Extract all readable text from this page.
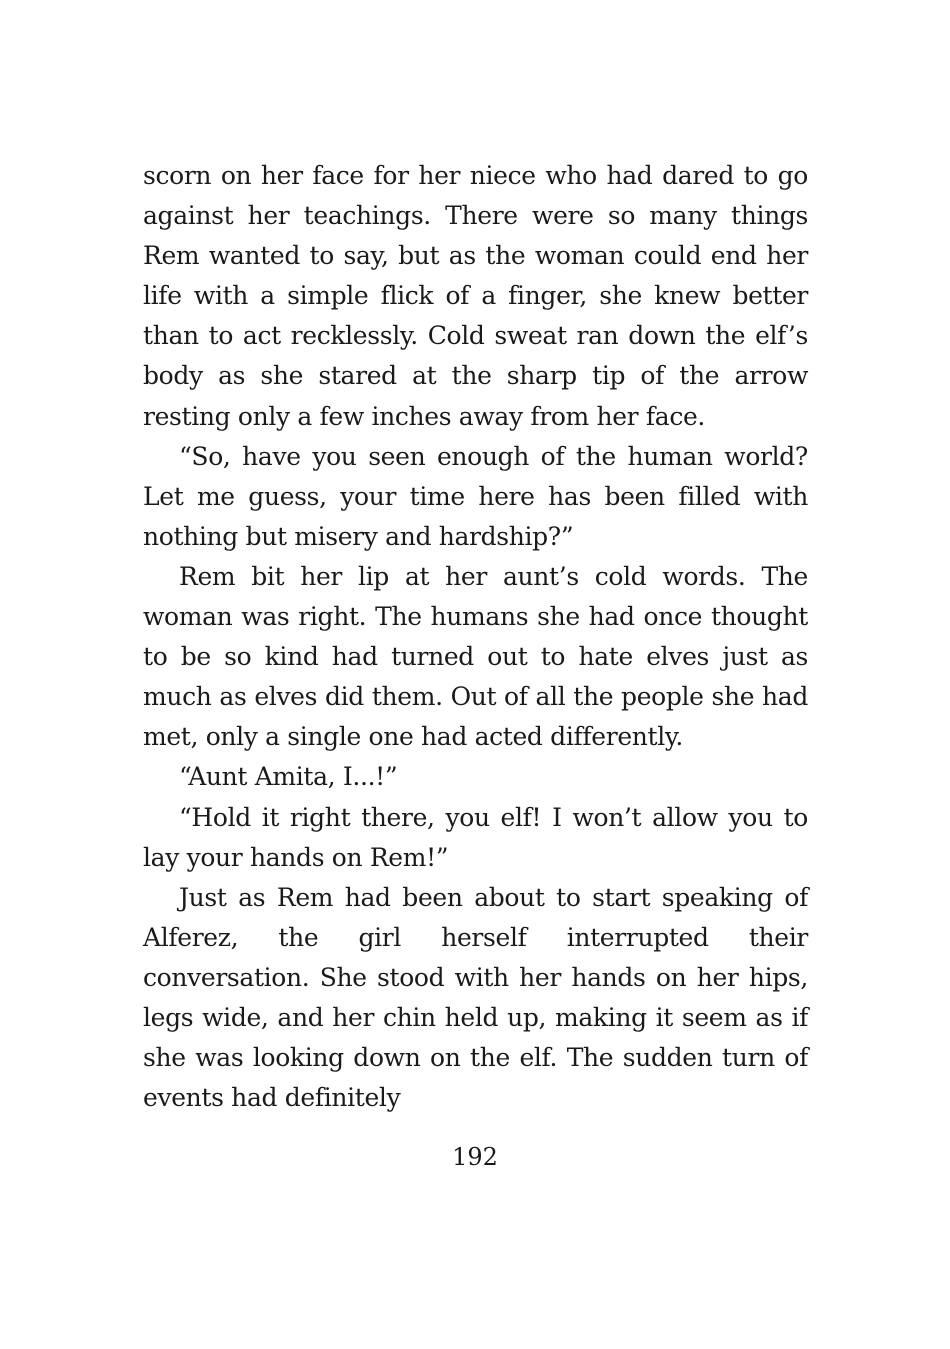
scorn on her face for her niece who had dared to go against her teachings. There were so many things Rem wanted to say, but as the woman could end her life with a simple flick of a finger, she knew better than to act recklessly. Cold sweat ran down the elf’s body as she stared at the sharp tip of the arrow resting only a few inches away from her face.

“So, have you seen enough of the human world? Let me guess, your time here has been filled with nothing but misery and hardship?”

Rem bit her lip at her aunt’s cold words. The woman was right. The humans she had once thought to be so kind had turned out to hate elves just as much as elves did them. Out of all the people she had met, only a single one had acted differently.

“Aunt Amita, I...!”

“Hold it right there, you elf! I won’t allow you to lay your hands on Rem!”

Just as Rem had been about to start speaking of Alferez, the girl herself interrupted their conversation. She stood with her hands on her hips, legs wide, and her chin held up, making it seem as if she was looking down on the elf. The sudden turn of events had definitely

192
